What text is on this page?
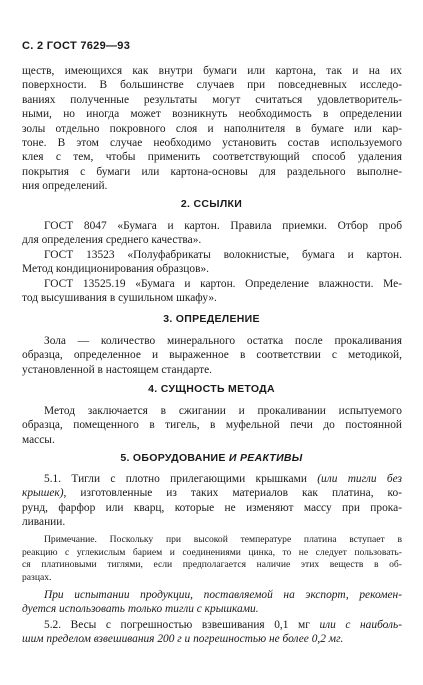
С. 2 ГОСТ 7629—93
ществ, имеющихся как внутри бумаги или картона, так и на их
поверхности. В большинстве случаев при повседневных исследо-
ваниях полученные результаты могут считаться удовлетворитель-
ными, но иногда может возникнуть необходимость в определении
золы отдельно покровного слоя и наполнителя в бумаге или кар-
тоне. В этом случае необходимо установить состав используемого
клея с тем, чтобы применить соответствующий способ удаления
покрытия с бумаги или картона-основы для раздельного выполне-
ния определений.
2. ССЫЛКИ
ГОСТ 8047 «Бумага и картон. Правила приемки. Отбор проб
для определения среднего качества».
ГОСТ 13523 «Полуфабрикаты волокнистые, бумага и картон.
Метод кондиционирования образцов».
ГОСТ 13525.19 «Бумага и картон. Определение влажности. Ме-
тод высушивания в сушильном шкафу».
3. ОПРЕДЕЛЕНИЕ
Зола — количество минерального остатка после прокаливания
образца, определенное и выраженное в соответствии с методикой,
установленной в настоящем стандарте.
4. СУЩНОСТЬ МЕТОДА
Метод заключается в сжигании и прокаливании испытуемого
образца, помещенного в тигель, в муфельной печи до постоянной
массы.
5. ОБОРУДОВАНИЕ И РЕАКТИВЫ
5.1. Тигли с плотно прилегающими крышками (или тигли без
крышек), изготовленные из таких материалов как платина, ко-
рунд, фарфор или кварц, которые не изменяют массу при прока-
ливании.
Примечание. Поскольку при высокой температуре платина вступает в
реакцию с углекислым барием и соединениями цинка, то не следует пользовать-
ся платиновыми тиглями, если предполагается наличие этих веществ в об-
разцах.
При испытании продукции, поставляемой на экспорт, рекомен-
дуется использовать только тигли с крышками.
5.2. Весы с погрешностью взвешивания 0,1 мг или с наиболь-
шим пределом взвешивания 200 г и погрешностью не более 0,2 мг.
